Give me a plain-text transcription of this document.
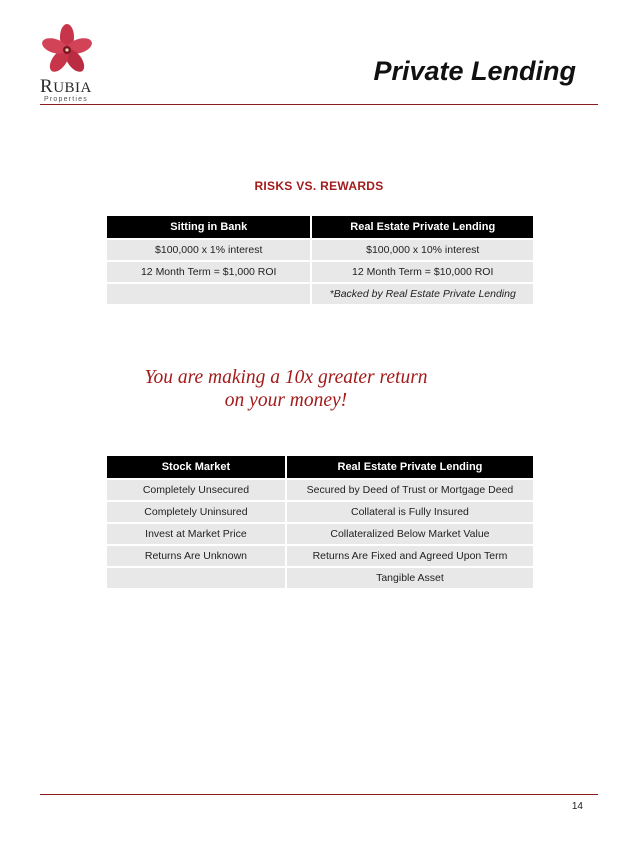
RUBIA
Properties
Private Lending
RISKS VS. REWARDS
Sitting in Bank	Real Estate Private Lending
$100,000 x 1% interest	$100,000 x 10% interest
12 Month Term = $1,000 ROI	12 Month Term = $10,000 ROI
	*Backed by Real Estate Private Lending
You are making a 10x greater return
on your money!
Stock Market	Real Estate Private Lending
Completely Unsecured	Secured by Deed of Trust or Mortgage Deed
Completely Uninsured	Collateral is Fully Insured
Invest at Market Price	Collateralized Below Market Value
Returns Are Unknown	Returns Are Fixed and Agreed Upon Term
	Tangible Asset
14
